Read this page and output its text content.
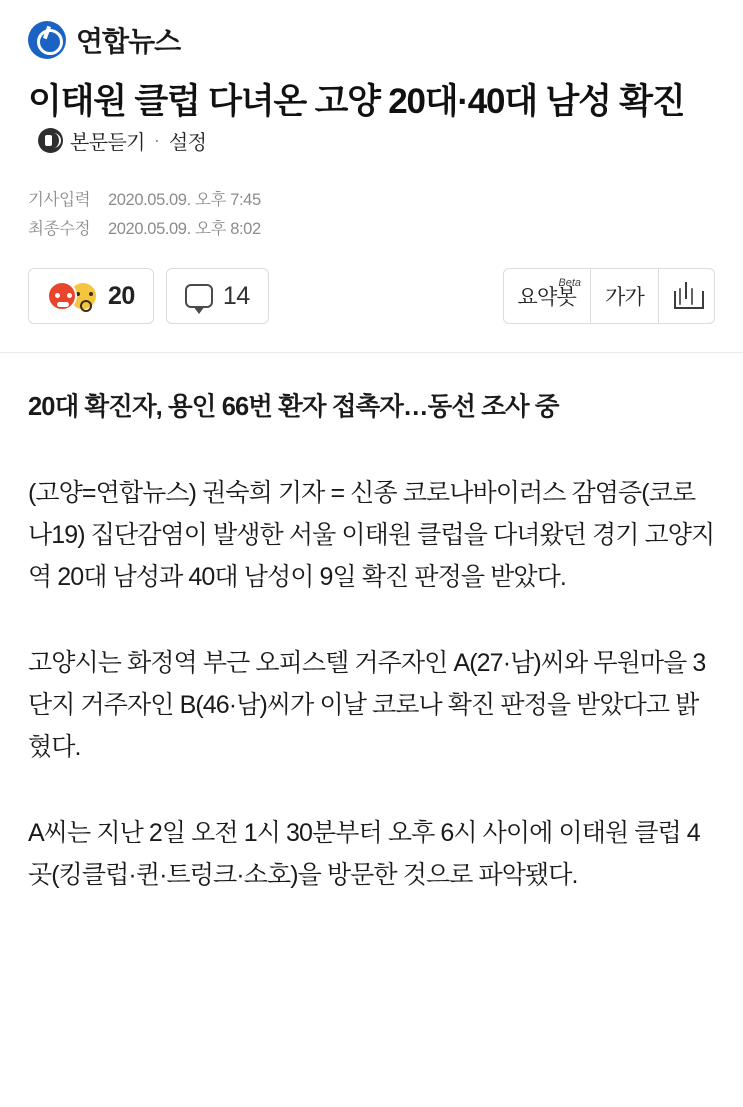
연합뉴스
이태원 클럽 다녀온 고양 20대·40대 남성 확진
본문듣기 · 설정
기사입력 2020.05.09. 오후 7:45
최종수정 2020.05.09. 오후 8:02
20	14	요약봇
Beta
가가

20대 확진자, 용인 66번 환자 접촉자…동선 조사 중

(고양=연합뉴스) 권숙희 기자 = 신종 코로나바이러스 감염증(코로나19) 집단감염이 발생한 서울 이태원 클럽을 다녀왔던 경기 고양지역 20대 남성과 40대 남성이 9일 확진 판정을 받았다.

고양시는 화정역 부근 오피스텔 거주자인 A(27·남)씨와 무원마을 3단지 거주자인 B(46·남)씨가 이날 코로나 확진 판정을 받았다고 밝혔다.

A씨는 지난 2일 오전 1시 30분부터 오후 6시 사이에 이태원 클럽 4곳(킹클럽·퀸·트렁크·소호)을 방문한 것으로 파악됐다.
